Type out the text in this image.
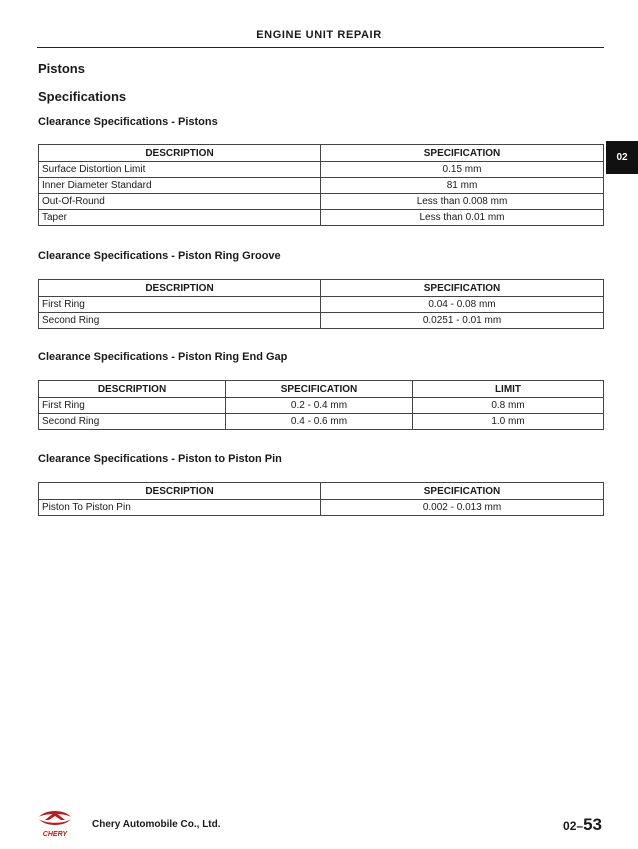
ENGINE UNIT REPAIR
02
Pistons
Specifications
Clearance Specifications - Pistons
DESCRIPTION	SPECIFICATION
Surface Distortion Limit	0.15 mm
Inner Diameter Standard	81 mm
Out-Of-Round	Less than 0.008 mm
Taper	Less than 0.01 mm
Clearance Specifications - Piston Ring Groove
DESCRIPTION	SPECIFICATION
First Ring	0.04 - 0.08 mm
Second Ring	0.0251 - 0.01 mm
Clearance Specifications - Piston Ring End Gap
DESCRIPTION	SPECIFICATION	LIMIT
First Ring	0.2 - 0.4 mm	0.8 mm
Second Ring	0.4 - 0.6 mm	1.0 mm
Clearance Specifications - Piston to Piston Pin
DESCRIPTION	SPECIFICATION
Piston To Piston Pin	0.002 - 0.013 mm
CHERY
Chery Automobile Co., Ltd.	02–53
